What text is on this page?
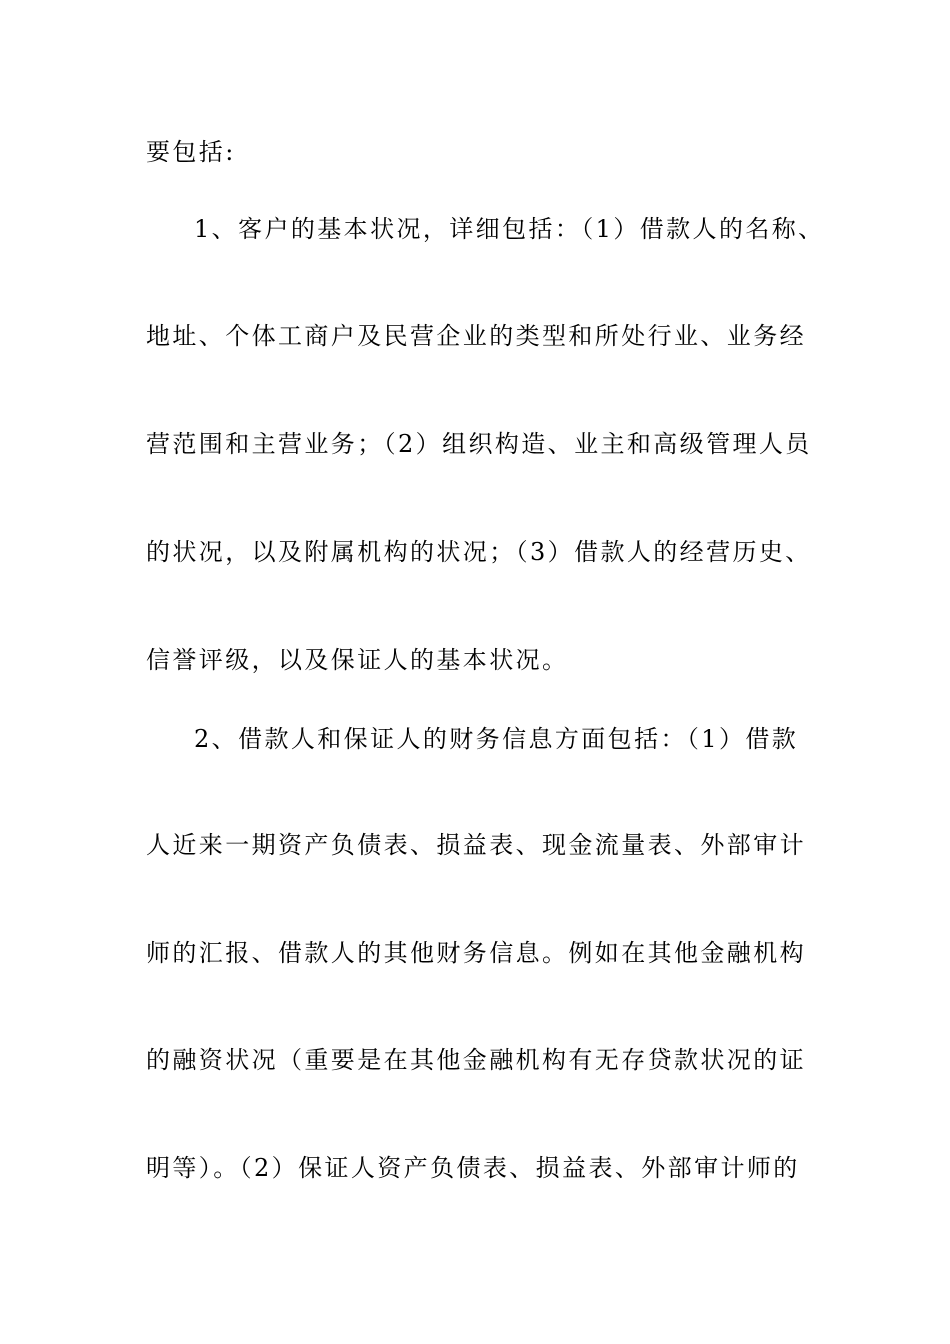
要包括:
1、客户的基本状况，详细包括：（1）借款人的名称、
地址、个体工商户及民营企业的类型和所处行业、业务经
营范围和主营业务；（2）组织构造、业主和高级管理人员
的状况，以及附属机构的状况；（3）借款人的经营历史、
信誉评级，以及保证人的基本状况。
2、借款人和保证人的财务信息方面包括：（1）借款
人近来一期资产负债表、损益表、现金流量表、外部审计
师的汇报、借款人的其他财务信息。例如在其他金融机构
的融资状况（重要是在其他金融机构有无存贷款状况的证
明等）。（2）保证人资产负债表、损益表、外部审计师的
